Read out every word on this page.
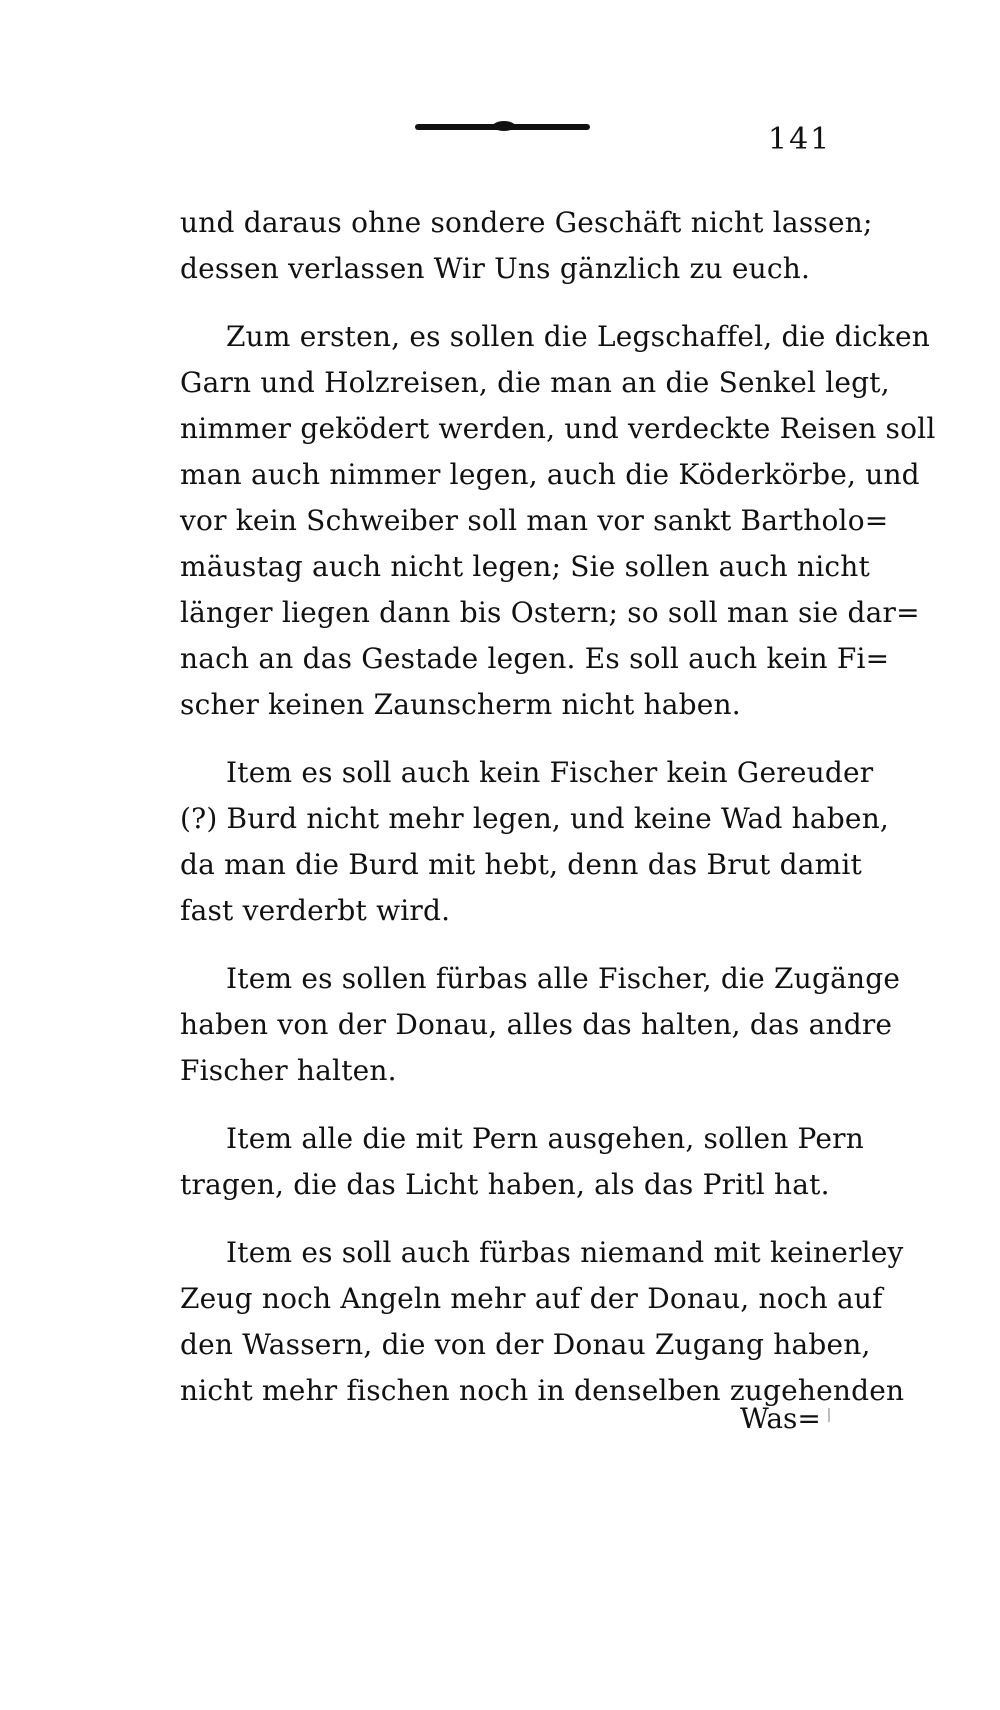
141
und daraus ohne sondere Geschäft nicht lassen;
dessen verlassen Wir Uns gänzlich zu euch.
Zum ersten, es sollen die Legschaffel, die dicken
Garn und Holzreisen, die man an die Senkel legt,
nimmer geködert werden, und verdeckte Reisen soll
man auch nimmer legen, auch die Köderkörbe, und
vor kein Schweiber soll man vor sankt Bartholo=
mäustag auch nicht legen; Sie sollen auch nicht
länger liegen dann bis Ostern; so soll man sie dar=
nach an das Gestade legen. Es soll auch kein Fi=
scher keinen Zaunscherm nicht haben.
Item es soll auch kein Fischer kein Gereuder
(?) Burd nicht mehr legen, und keine Wad haben,
da man die Burd mit hebt, denn das Brut damit
fast verderbt wird.
Item es sollen fürbas alle Fischer, die Zugänge
haben von der Donau, alles das halten, das andre
Fischer halten.
Item alle die mit Pern ausgehen, sollen Pern
tragen, die das Licht haben, als das Pritl hat.
Item es soll auch fürbas niemand mit keinerley
Zeug noch Angeln mehr auf der Donau, noch auf
den Wassern, die von der Donau Zugang haben,
nicht mehr fischen noch in denselben zugehenden
Was=
